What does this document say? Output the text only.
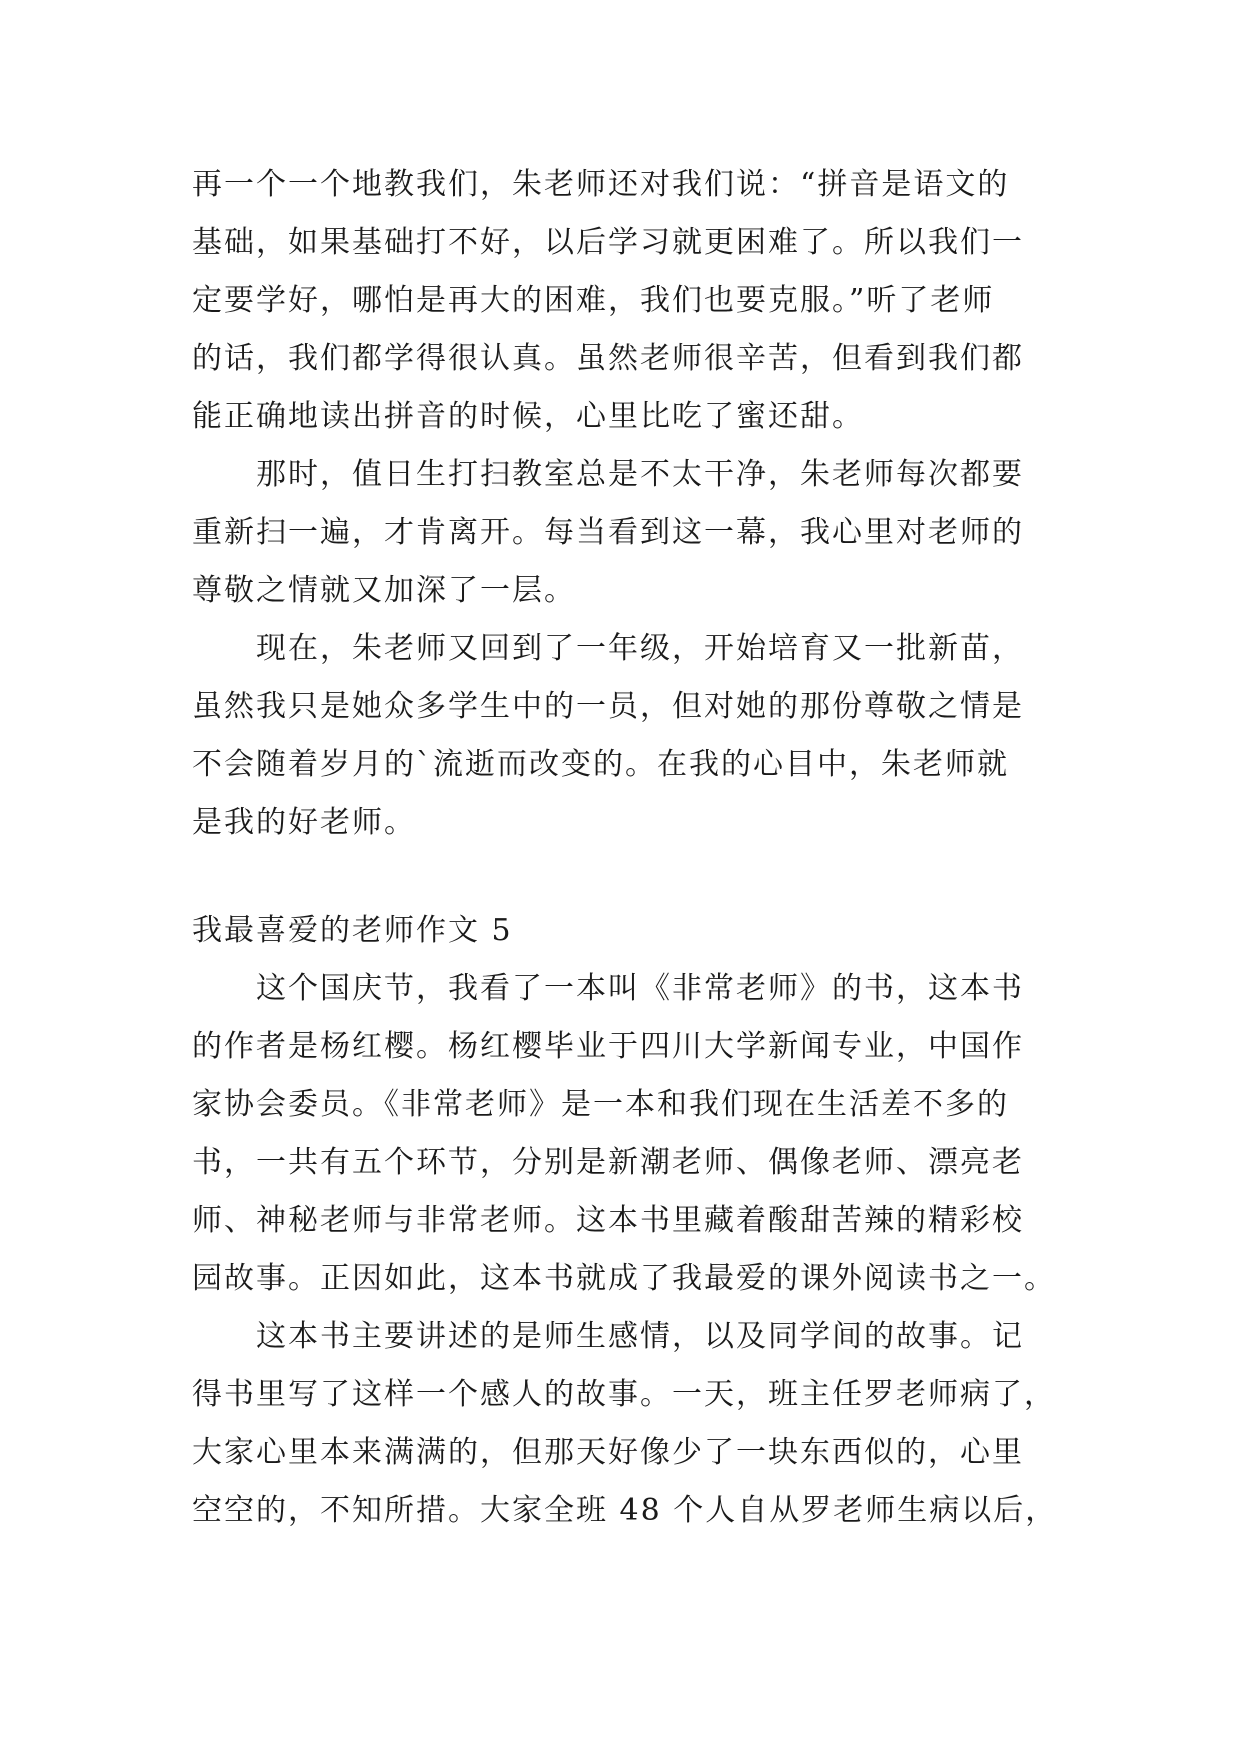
再一个一个地教我们，朱老师还对我们说：“拼音是语文的
基础，如果基础打不好，以后学习就更困难了。所以我们一
定要学好，哪怕是再大的困难，我们也要克服。”听了老师
的话，我们都学得很认真。虽然老师很辛苦，但看到我们都
能正确地读出拼音的时候，心里比吃了蜜还甜。
那时，值日生打扫教室总是不太干净，朱老师每次都要
重新扫一遍，才肯离开。每当看到这一幕，我心里对老师的
尊敬之情就又加深了一层。
现在，朱老师又回到了一年级，开始培育又一批新苗，
虽然我只是她众多学生中的一员，但对她的那份尊敬之情是
不会随着岁月的`流逝而改变的。在我的心目中，朱老师就
是我的好老师。
我最喜爱的老师作文 5
这个国庆节，我看了一本叫《非常老师》的书，这本书
的作者是杨红樱。杨红樱毕业于四川大学新闻专业，中国作
家协会委员。《非常老师》是一本和我们现在生活差不多的
书，一共有五个环节，分别是新潮老师、偶像老师、漂亮老
师、神秘老师与非常老师。这本书里藏着酸甜苦辣的精彩校
园故事。正因如此，这本书就成了我最爱的课外阅读书之一。
这本书主要讲述的是师生感情，以及同学间的故事。记
得书里写了这样一个感人的故事。一天，班主任罗老师病了，
大家心里本来满满的，但那天好像少了一块东西似的，心里
空空的，不知所措。大家全班 48 个人自从罗老师生病以后，
